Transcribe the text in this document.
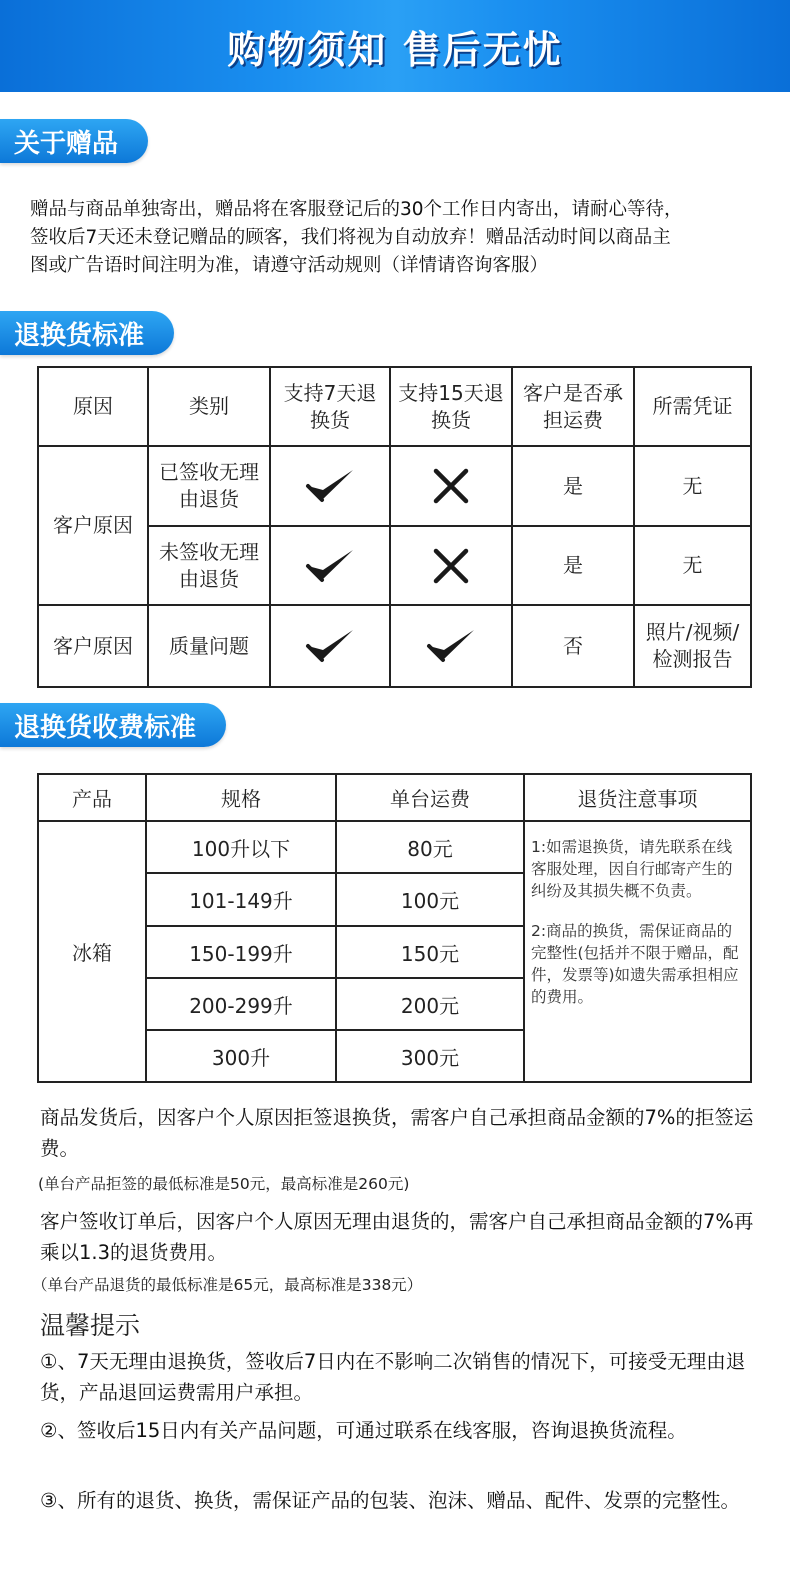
购物须知 售后无忧
关于赠品
赠品与商品单独寄出，赠品将在客服登记后的30个工作日内寄出，请耐心等待，
签收后7天还未登记赠品的顾客，我们将视为自动放弃！赠品活动时间以商品主
图或广告语时间注明为准，请遵守活动规则（详情请咨询客服）
退换货标准
原因	类别	支持7天退换货	支持15天退换货	客户是否承担运费	所需凭证
客户原因	已签收无理由退货			是	无
	未签收无理由退货			是	无
客户原因	质量问题			否	照片/视频/检测报告
退换货收费标准
产品	规格	单台运费	退货注意事项
冰箱	100升以下	80元	1:如需退换货，请先联系在线客服处理，因自行邮寄产生的纠纷及其损失概不负责。
2:商品的换货，需保证商品的完整性(包括并不限于赠品，配件，发票等)如遗失需承担相应的费用。

	101-149升	100元	
	150-199升	150元	
	200-299升	200元	
	300升	300元	
商品发货后，因客户个人原因拒签退换货，需客户自己承担商品金额的7%的拒签运费。
(单台产品拒签的最低标准是50元，最高标准是260元)
客户签收订单后，因客户个人原因无理由退货的，需客户自己承担商品金额的7%再乘以1.3的退货费用。
（单台产品退货的最低标准是65元，最高标准是338元）
温馨提示
①、7天无理由退换货，签收后7日内在不影响二次销售的情况下，可接受无理由退货，产品退回运费需用户承担。
②、签收后15日内有关产品问题，可通过联系在线客服，咨询退换货流程。
③、所有的退货、换货，需保证产品的包装、泡沫、赠品、配件、发票的完整性。
